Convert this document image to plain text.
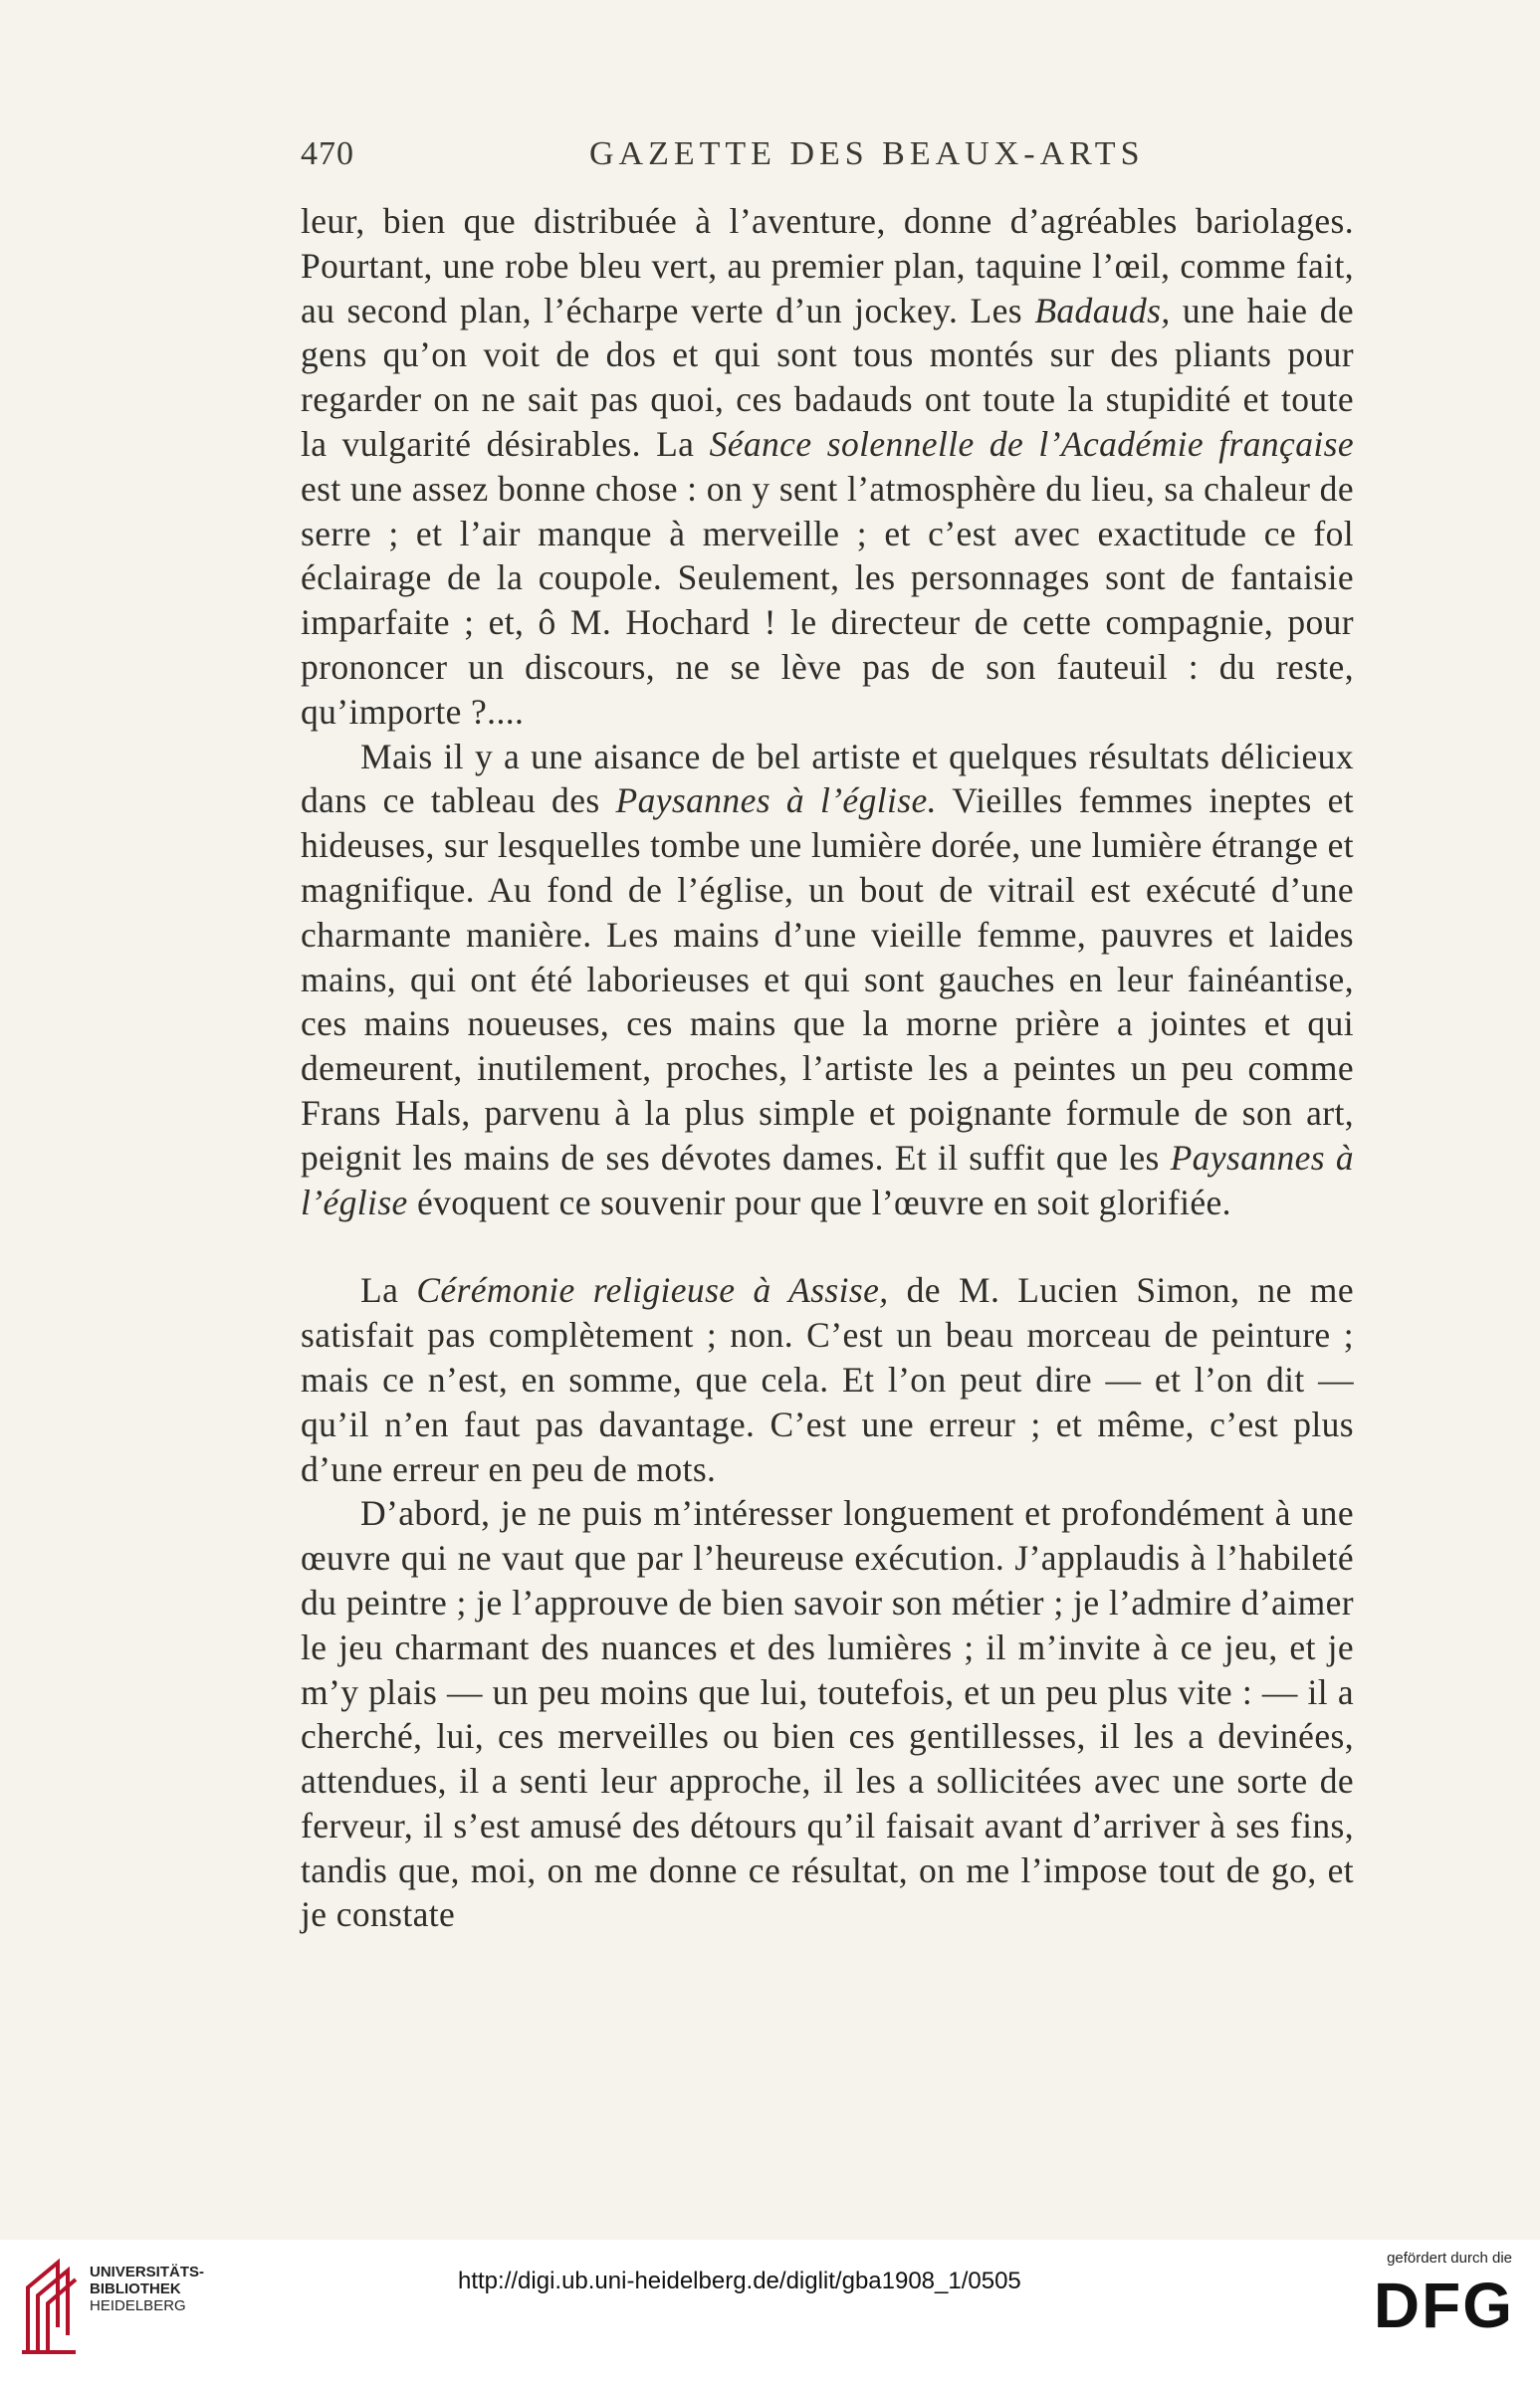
470	GAZETTE DES BEAUX-ARTS

leur, bien que distribuée à l’aventure, donne d’agréables bariolages. Pourtant, une robe bleu vert, au premier plan, taquine l’œil, comme fait, au second plan, l’écharpe verte d’un jockey. Les Badauds, une haie de gens qu’on voit de dos et qui sont tous montés sur des pliants pour regarder on ne sait pas quoi, ces badauds ont toute la stupidité et toute la vulgarité désirables. La Séance solennelle de l’Académie française est une assez bonne chose : on y sent l’atmosphère du lieu, sa chaleur de serre ; et l’air manque à merveille ; et c’est avec exactitude ce fol éclairage de la coupole. Seulement, les personnages sont de fantaisie imparfaite ; et, ô M. Hochard ! le directeur de cette compagnie, pour prononcer un discours, ne se lève pas de son fauteuil : du reste, qu’importe ?....

Mais il y a une aisance de bel artiste et quelques résultats délicieux dans ce tableau des Paysannes à l’église. Vieilles femmes ineptes et hideuses, sur lesquelles tombe une lumière dorée, une lumière étrange et magnifique. Au fond de l’église, un bout de vitrail est exécuté d’une charmante manière. Les mains d’une vieille femme, pauvres et laides mains, qui ont été laborieuses et qui sont gauches en leur fainéantise, ces mains noueuses, ces mains que la morne prière a jointes et qui demeurent, inutilement, proches, l’artiste les a peintes un peu comme Frans Hals, parvenu à la plus simple et poignante formule de son art, peignit les mains de ses dévotes dames. Et il suffit que les Paysannes à l’église évoquent ce souvenir pour que l’œuvre en soit glorifiée.

La Cérémonie religieuse à Assise, de M. Lucien Simon, ne me satisfait pas complètement ; non. C’est un beau morceau de peinture ; mais ce n’est, en somme, que cela. Et l’on peut dire — et l’on dit — qu’il n’en faut pas davantage. C’est une erreur ; et même, c’est plus d’une erreur en peu de mots.

D’abord, je ne puis m’intéresser longuement et profondément à une œuvre qui ne vaut que par l’heureuse exécution. J’applaudis à l’habileté du peintre ; je l’approuve de bien savoir son métier ; je l’admire d’aimer le jeu charmant des nuances et des lumières ; il m’invite à ce jeu, et je m’y plais — un peu moins que lui, toutefois, et un peu plus vite : — il a cherché, lui, ces merveilles ou bien ces gentillesses, il les a devinées, attendues, il a senti leur approche, il les a sollicitées avec une sorte de ferveur, il s’est amusé des détours qu’il faisait avant d’arriver à ses fins, tandis que, moi, on me donne ce résultat, on me l’impose tout de go, et je constate

UNIVERSITÄTS-
BIBLIOTHEK
HEIDELBERG
http://digi.ub.uni-heidelberg.de/diglit/gba1908_1/0505
gefördert durch die
DFG
